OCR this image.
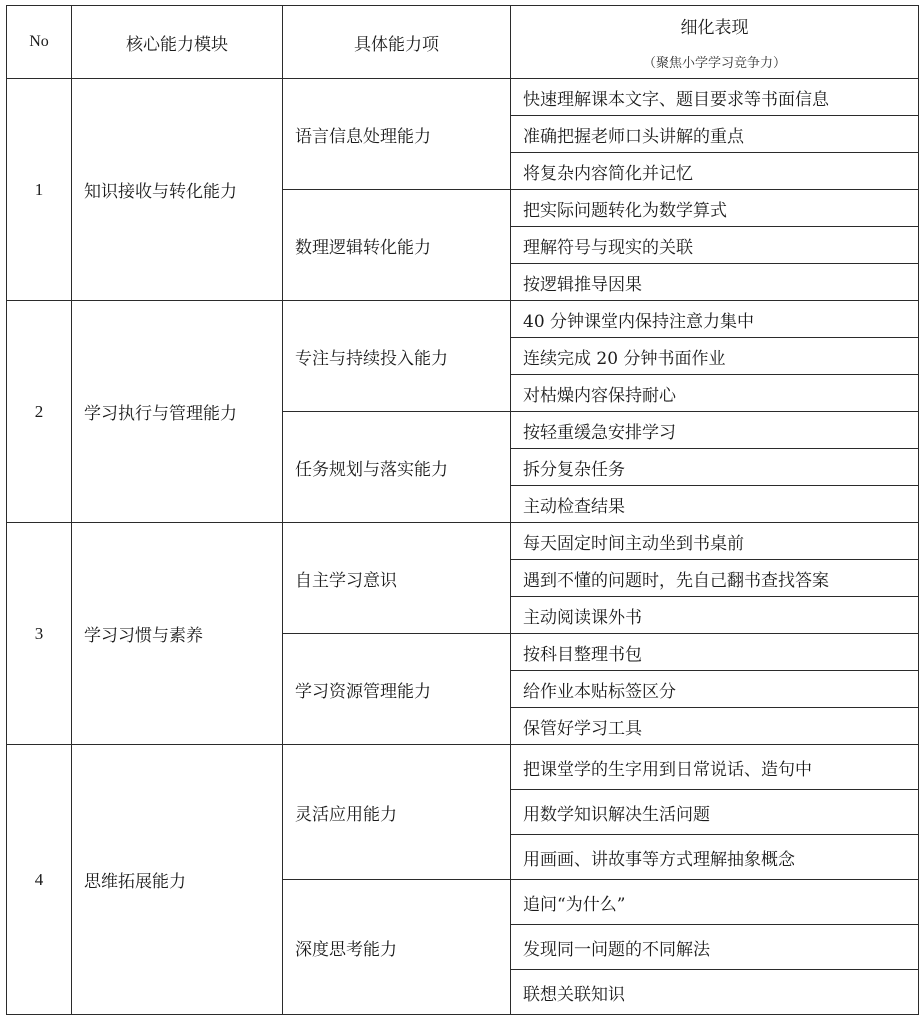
No	核心能力模块	具体能力项	细化表现
（聚焦小学学习竞争力）

1	知识接收与转化能力	语言信息处理能力	快速理解课本文字、题目要求等书面信息
			准确把握老师口头讲解的重点
			将复杂内容简化并记忆
		数理逻辑转化能力	把实际问题转化为数学算式
			理解符号与现实的关联
			按逻辑推导因果
2	学习执行与管理能力	专注与持续投入能力	40 分钟课堂内保持注意力集中
			连续完成 20 分钟书面作业
			对枯燥内容保持耐心
		任务规划与落实能力	按轻重缓急安排学习
			拆分复杂任务
			主动检查结果
3	学习习惯与素养	自主学习意识	每天固定时间主动坐到书桌前
			遇到不懂的问题时，先自己翻书查找答案
			主动阅读课外书
		学习资源管理能力	按科目整理书包
			给作业本贴标签区分
			保管好学习工具
4	思维拓展能力	灵活应用能力	把课堂学的生字用到日常说话、造句中
			用数学知识解决生活问题
			用画画、讲故事等方式理解抽象概念
		深度思考能力	追问“为什么”
			发现同一问题的不同解法
			联想关联知识
